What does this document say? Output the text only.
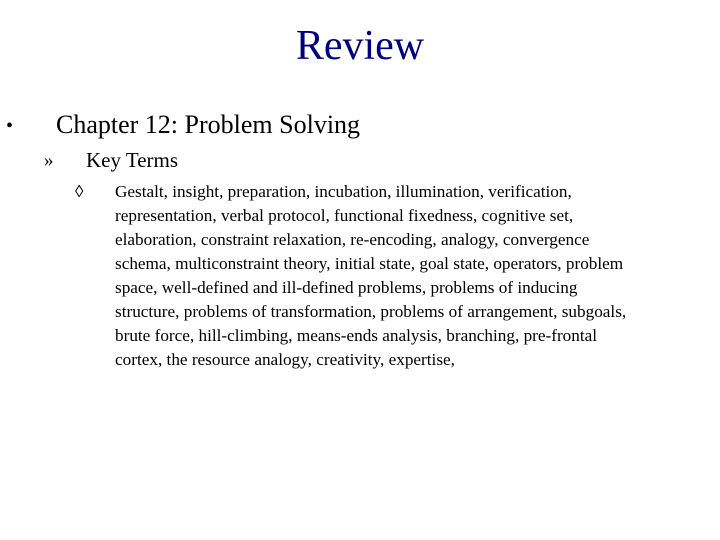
Review
• Chapter 12: Problem Solving
» Key Terms
◊ Gestalt, insight, preparation, incubation, illumination, verification,
representation, verbal protocol, functional fixedness, cognitive set,
elaboration, constraint relaxation, re-encoding, analogy, convergence
schema, multiconstraint theory, initial state, goal state, operators, problem
space, well-defined and ill-defined problems, problems of inducing
structure, problems of transformation, problems of arrangement, subgoals,
brute force, hill-climbing, means-ends analysis, branching, pre-frontal
cortex, the resource analogy, creativity, expertise,
